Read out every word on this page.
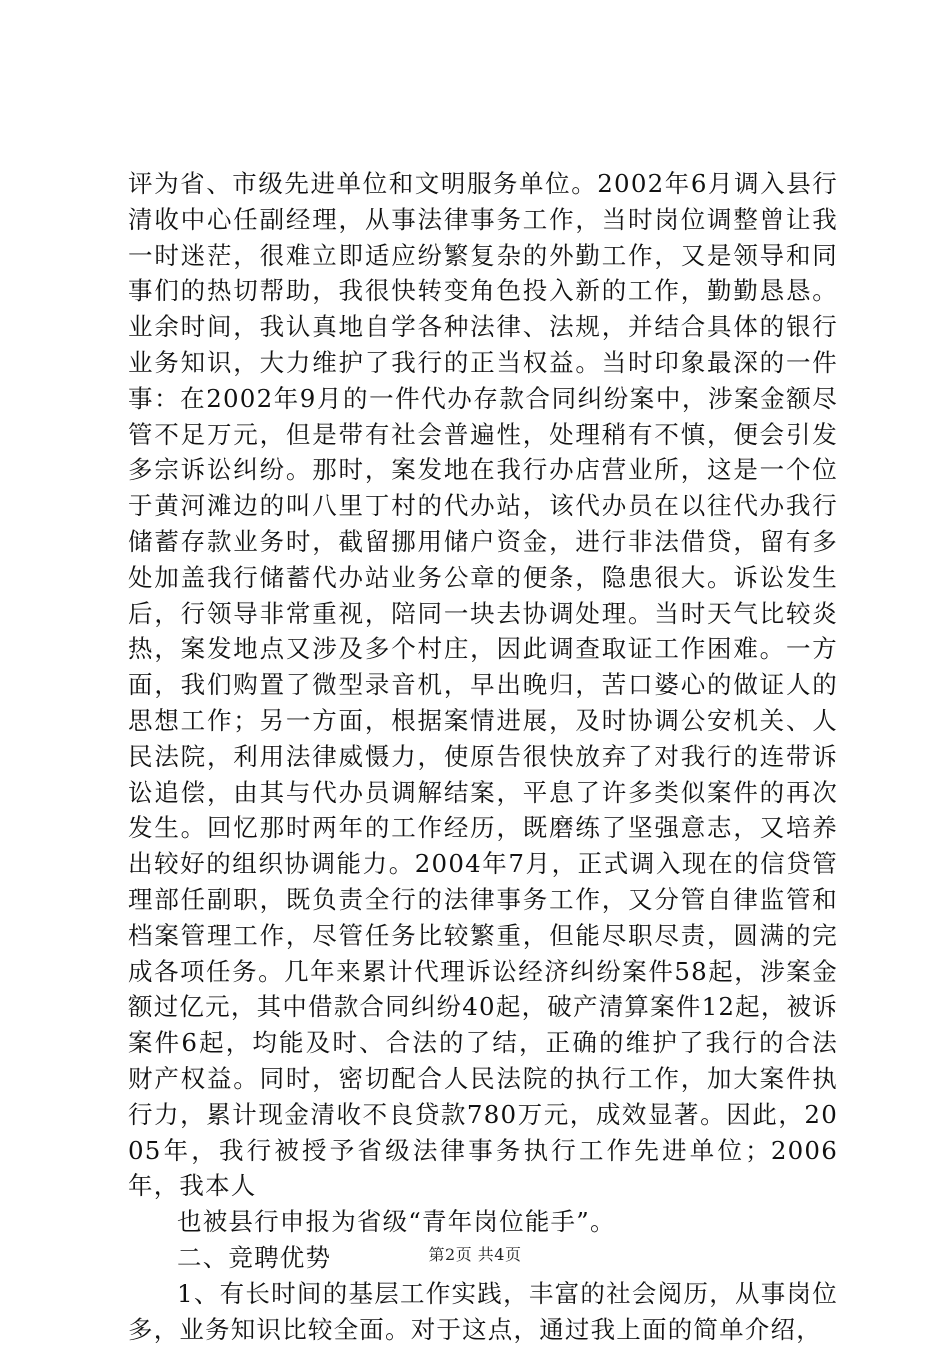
评为省、市级先进单位和文明服务单位。2002年6月调入县行清收中心任副经理，从事法律事务工作，当时岗位调整曾让我一时迷茫，很难立即适应纷繁复杂的外勤工作，又是领导和同事们的热切帮助，我很快转变角色投入新的工作，勤勤恳恳。业余时间，我认真地自学各种法律、法规，并结合具体的银行业务知识，大力维护了我行的正当权益。当时印象最深的一件事：在2002年9月的一件代办存款合同纠纷案中，涉案金额尽管不足万元，但是带有社会普遍性，处理稍有不慎，便会引发多宗诉讼纠纷。那时，案发地在我行办店营业所，这是一个位于黄河滩边的叫八里丁村的代办站，该代办员在以往代办我行储蓄存款业务时，截留挪用储户资金，进行非法借贷，留有多处加盖我行储蓄代办站业务公章的便条，隐患很大。诉讼发生后，行领导非常重视，陪同一块去协调处理。当时天气比较炎热，案发地点又涉及多个村庄，因此调查取证工作困难。一方面，我们购置了微型录音机，早出晚归，苦口婆心的做证人的思想工作；另一方面，根据案情进展，及时协调公安机关、人民法院，利用法律威慑力，使原告很快放弃了对我行的连带诉讼追偿，由其与代办员调解结案，平息了许多类似案件的再次发生。回忆那时两年的工作经历，既磨练了坚强意志，又培养出较好的组织协调能力。2004年7月，正式调入现在的信贷管理部任副职，既负责全行的法律事务工作，又分管自律监管和档案管理工作，尽管任务比较繁重，但能尽职尽责，圆满的完成各项任务。几年来累计代理诉讼经济纠纷案件58起，涉案金额过亿元，其中借款合同纠纷40起，破产清算案件12起，被诉案件6起，均能及时、合法的了结，正确的维护了我行的合法财产权益。同时，密切配合人民法院的执行工作，加大案件执行力，累计现金清收不良贷款780万元，成效显著。因此，2005年，我行被授予省级法律事务执行工作先进单位；2006年，我本人

也被县行申报为省级“青年岗位能手”。

二、竞聘优势

1、有长时间的基层工作实践，丰富的社会阅历，从事岗位多，业务知识比较全面。对于这点，通过我上面的简单介绍，

第2页 共4页
